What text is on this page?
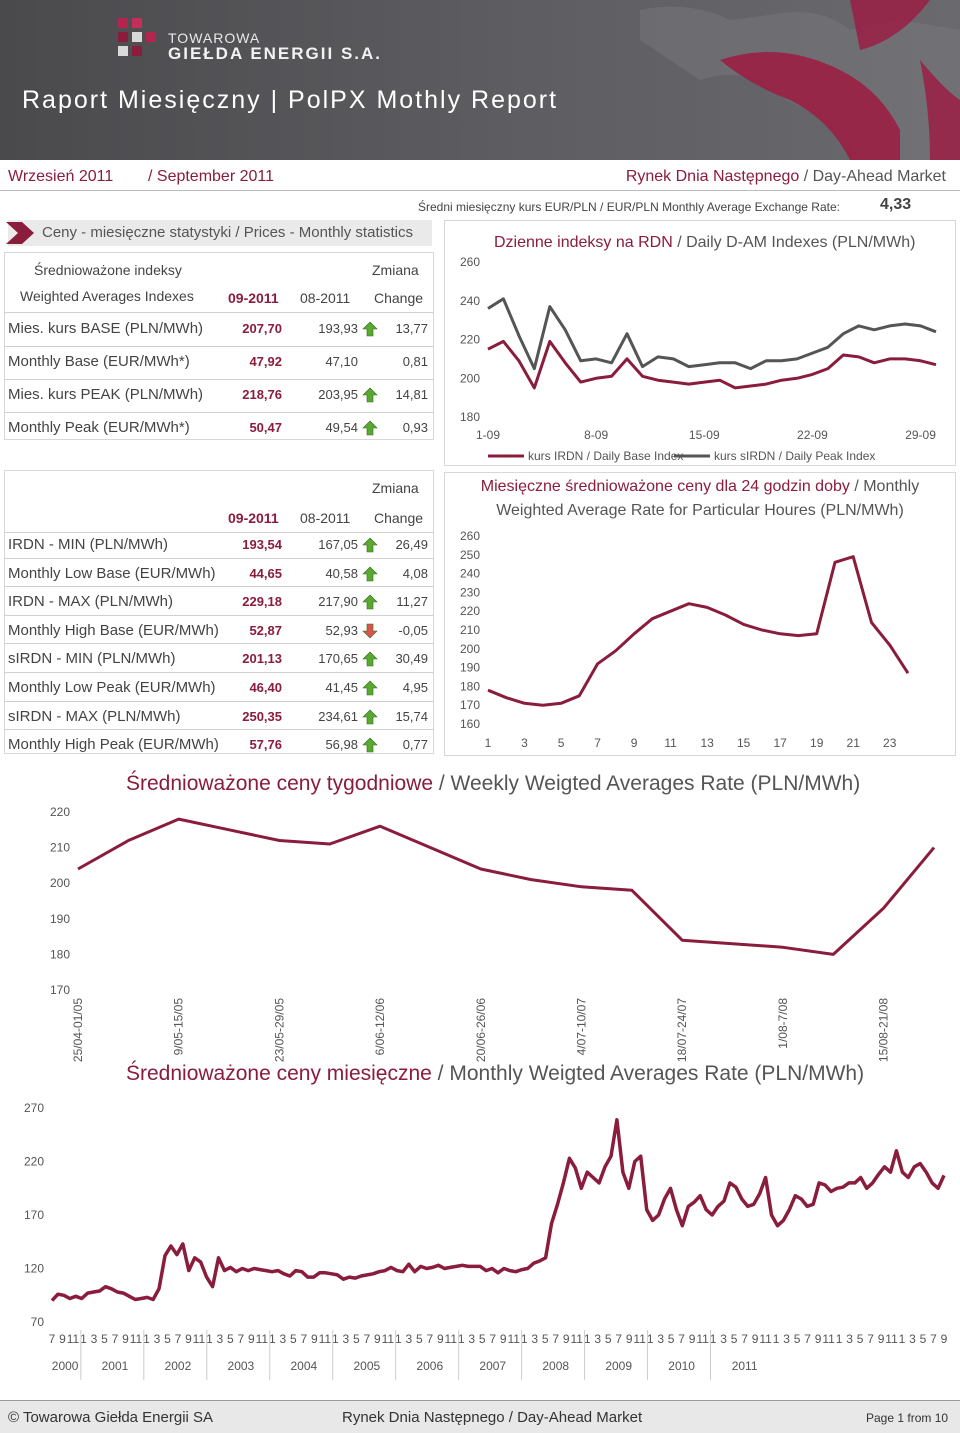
TOWAROWA
GIEŁDA ENERGII S.A.
Raport Miesięczny | PolPX Mothly Report
Wrzesień 2011 / September 2011	Rynek Dnia Następnego / Day-Ahead Market
Średni miesięczny kurs EUR/PLN / EUR/PLN Monthly Average Exchange Rate:	4,33
Ceny - miesięczne statystyki / Prices - Monthly statistics
Średnioważone indeksy
Weighted Averages Indexes
Zmiana
Change
09-2011 08-2011
Mies. kurs BASE (PLN/MWh)	207,70	193,93	13,77
Monthly Base (EUR/MWh*)	47,92	47,10	0,81
Mies. kurs PEAK (PLN/MWh)	218,76	203,95	14,81
Monthly Peak (EUR/MWh*)	50,47	49,54	0,93
Zmiana
09-2011 08-2011 Change
IRDN - MIN (PLN/MWh)	193,54	167,05	26,49
Monthly Low Base (EUR/MWh)	44,65	40,58	4,08
IRDN - MAX (PLN/MWh)	229,18	217,90	11,27
Monthly High Base (EUR/MWh)	52,87	52,93	-0,05
sIRDN - MIN (PLN/MWh)	201,13	170,65	30,49
Monthly Low Peak (EUR/MWh)	46,40	41,45	4,95
sIRDN - MAX (PLN/MWh)	250,35	234,61	15,74
Monthly High Peak (EUR/MWh)	57,76	56,98	0,77
Dzienne indeksy na RDN / Daily D-AM Indexes (PLN/MWh)
180
200
220
240
260
1-09	8-09	15-09	22-09	29-09
kurs IRDN / Daily Base Index	kurs sIRDN / Daily Peak Index
Miesięczne średnioważone ceny dla 24 godzin doby / Monthly
Weighted Average Rate for Particular Houres (PLN/MWh)
160
170
180
190
200
210
220
230
240
250
260
1 3 5 7 9 11 13 15 17 19 21 23
Średnioważone ceny tygodniowe / Weekly Weigted Averages Rate (PLN/MWh)
170
180
190
200
210
220
25/04-01/05	9/05-15/05	23/05-29/05	6/06-12/06	20/06-26/06	4/07-10/07	18/07-24/07	1/08-7/08	15/08-21/08
Średnioważone ceny miesięczne / Monthly Weigted Averages Rate (PLN/MWh)
70
120
170
220
270
7 9 11 1 3 5 7 9 11 1 3 5 7 9 11 1 3 5 7 9 11 1 3 5 7 9 11 1 3 5 7 9 11 1 3 5 7 9 11 1 3 5 7 9 11 1 3 5 7 9 11 1 3 5 7 9 11 1 3 5 7 9 11 1 3 5 7 9 11 1 3 5 7 9 11 1 3 5 7 9 11 1 3 5 7 9
2000 2001	2002	2003	2004	2005	2006	2007	2008	2009	2010	2011
© Towarowa Giełda Energii SA	Rynek Dnia Następnego / Day-Ahead Market	Page 1 from 10
